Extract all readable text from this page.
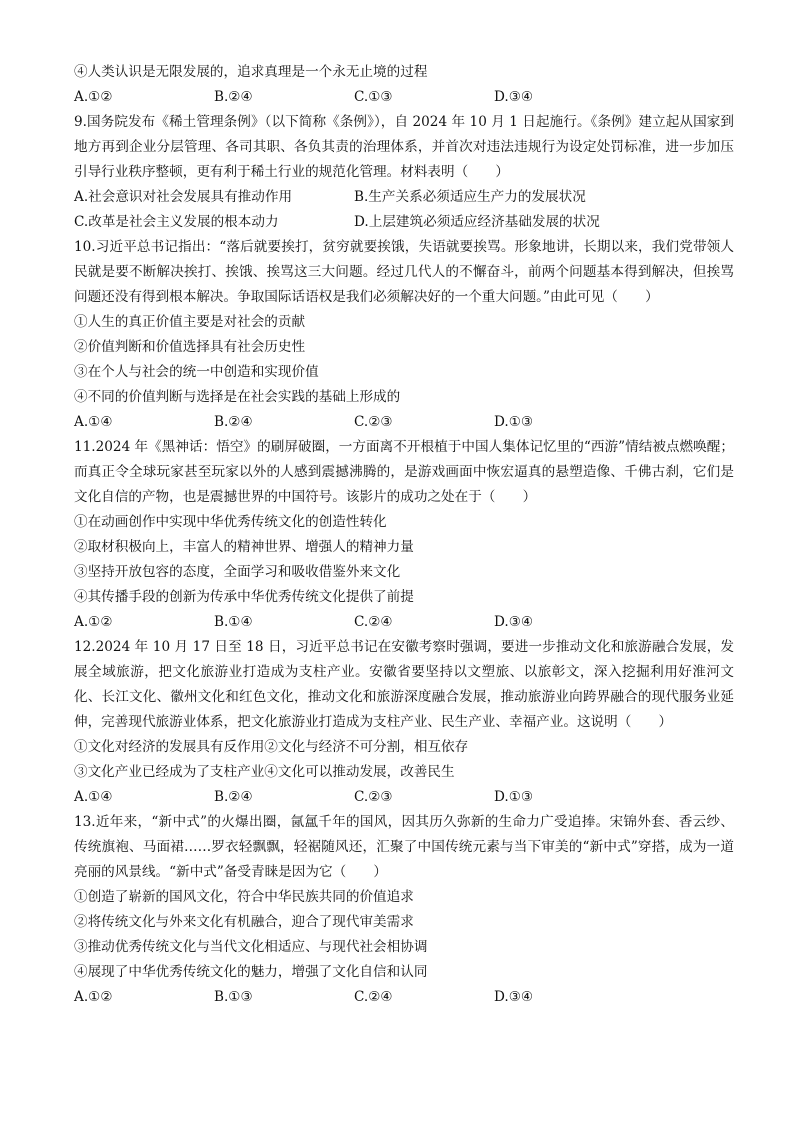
④人类认识是无限发展的，追求真理是一个永无止境的过程
A.①②	B.②④	C.①③	D.③④
9.国务院发布《稀土管理条例》（以下简称《条例》），自 2024 年 10 月 1 日起施行。《条例》建立起从国家到地方再到企业分层管理、各司其职、各负其责的治理体系，并首次对违法违规行为设定处罚标准，进一步加压引导行业秩序整顿，更有利于稀土行业的规范化管理。材料表明（　　）
A.社会意识对社会发展具有推动作用	B.生产关系必须适应生产力的发展状况
C.改革是社会主义发展的根本动力	D.上层建筑必须适应经济基础发展的状况
10.习近平总书记指出：“落后就要挨打，贫穷就要挨饿，失语就要挨骂。形象地讲，长期以来，我们党带领人民就是要不断解决挨打、挨饿、挨骂这三大问题。经过几代人的不懈奋斗，前两个问题基本得到解决，但挨骂问题还没有得到根本解决。争取国际话语权是我们必须解决好的一个重大问题。”由此可见（　　）
①人生的真正价值主要是对社会的贡献
②价值判断和价值选择具有社会历史性
③在个人与社会的统一中创造和实现价值
④不同的价值判断与选择是在社会实践的基础上形成的
A.①④	B.②④	C.②③	D.①③
11.2024 年《黑神话：悟空》的刷屏破圈，一方面离不开根植于中国人集体记忆里的“西游”情结被点燃唤醒；而真正令全球玩家甚至玩家以外的人感到震撼沸腾的，是游戏画面中恢宏逼真的悬塑造像、千佛古刹，它们是文化自信的产物，也是震撼世界的中国符号。该影片的成功之处在于（　　）
①在动画创作中实现中华优秀传统文化的创造性转化
②取材积极向上，丰富人的精神世界、增强人的精神力量
③坚持开放包容的态度，全面学习和吸收借鉴外来文化
④其传播手段的创新为传承中华优秀传统文化提供了前提
A.①②	B.①④	C.②④	D.③④
12.2024 年 10 月 17 日至 18 日，习近平总书记在安徽考察时强调，要进一步推动文化和旅游融合发展，发展全域旅游，把文化旅游业打造成为支柱产业。安徽省要坚持以文塑旅、以旅彰文，深入挖掘利用好淮河文化、长江文化、徽州文化和红色文化，推动文化和旅游深度融合发展，推动旅游业向跨界融合的现代服务业延伸，完善现代旅游业体系，把文化旅游业打造成为支柱产业、民生产业、幸福产业。这说明（　　）
①文化对经济的发展具有反作用②文化与经济不可分割，相互依存
③文化产业已经成为了支柱产业④文化可以推动发展，改善民生
A.①④	B.②④	C.②③	D.①③
13.近年来，“新中式”的火爆出圈，氤氲千年的国风，因其历久弥新的生命力广受追捧。宋锦外套、香云纱、传统旗袍、马面裙……罗衣轻飘飘，轻裾随风还，汇聚了中国传统元素与当下审美的“新中式”穿搭，成为一道亮丽的风景线。“新中式”备受青睐是因为它（　　）
①创造了崭新的国风文化，符合中华民族共同的价值追求
②将传统文化与外来文化有机融合，迎合了现代审美需求
③推动优秀传统文化与当代文化相适应、与现代社会相协调
④展现了中华优秀传统文化的魅力，增强了文化自信和认同
A.①②	B.①③	C.②④	D.③④
